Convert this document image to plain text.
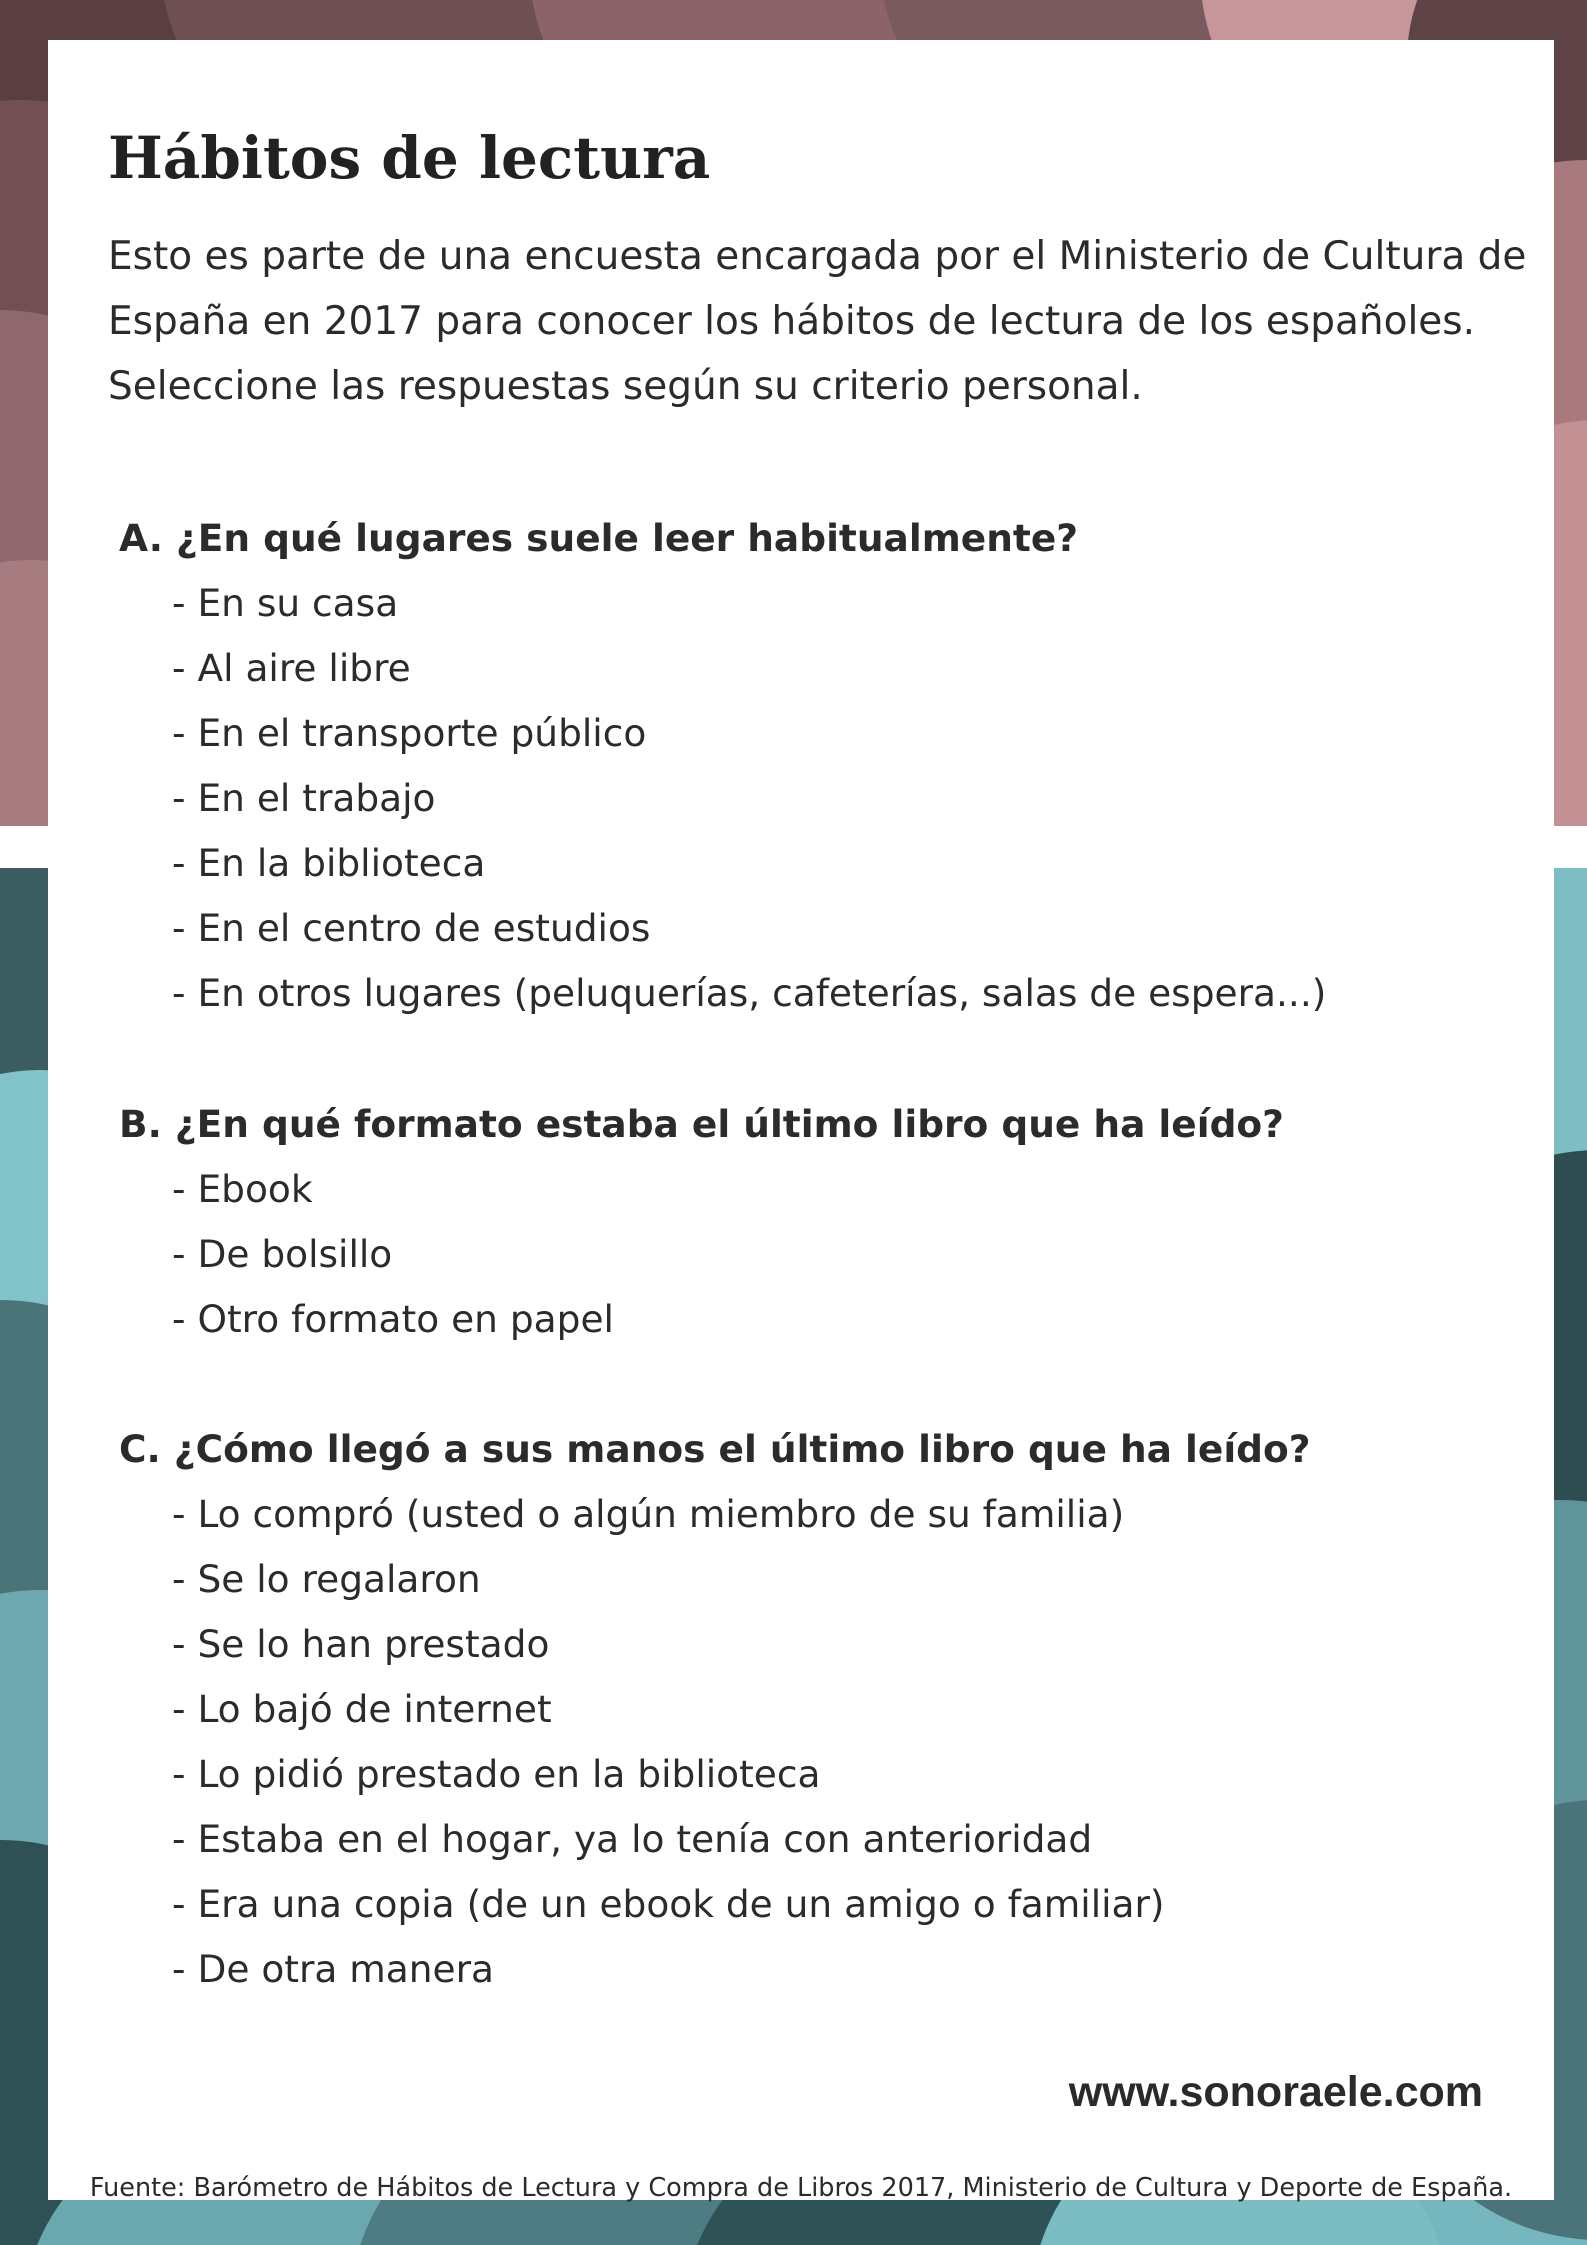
Hábitos de lectura

Esto es parte de una encuesta encargada por el Ministerio de Cultura de
España en 2017 para conocer los hábitos de lectura de los españoles.
Seleccione las respuestas según su criterio personal.

A. ¿En qué lugares suele leer habitualmente?

- En su casa
- Al aire libre
- En el transporte público
- En el trabajo
- En la biblioteca
- En el centro de estudios
- En otros lugares (peluquerías, cafeterías, salas de espera...)

B. ¿En qué formato estaba el último libro que ha leído?

- Ebook
- De bolsillo
- Otro formato en papel

C. ¿Cómo llegó a sus manos el último libro que ha leído?

- Lo compró (usted o algún miembro de su familia)
- Se lo regalaron
- Se lo han prestado
- Lo bajó de internet
- Lo pidió prestado en la biblioteca
- Estaba en el hogar, ya lo tenía con anterioridad
- Era una copia (de un ebook de un amigo o familiar)
- De otra manera
www.sonoraele.com
Fuente: Barómetro de Hábitos de Lectura y Compra de Libros 2017, Ministerio de Cultura y Deporte de España.
